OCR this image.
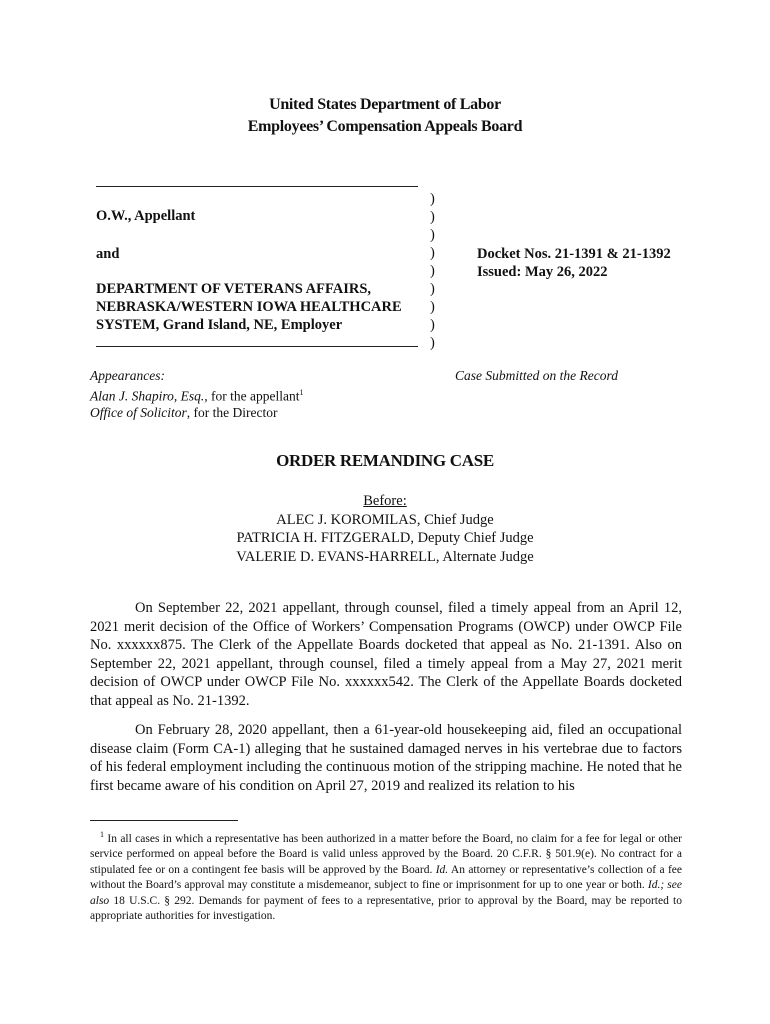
United States Department of Labor
Employees’ Compensation Appeals Board
O.W., Appellant
and
DEPARTMENT OF VETERANS AFFAIRS,
NEBRASKA/WESTERN IOWA HEALTHCARE
SYSTEM, Grand Island, NE, Employer
)
)
)
)
)
)
)
)
)
Docket Nos. 21-1391 & 21-1392
Issued: May 26, 2022
Appearances:
Alan J. Shapiro, Esq., for the appellant$^1$
Office of Solicitor, for the Director
Case Submitted on the Record
ORDER REMANDING CASE
Before:
ALEC J. KOROMILAS, Chief Judge
PATRICIA H. FITZGERALD, Deputy Chief Judge
VALERIE D. EVANS-HARRELL, Alternate Judge
On September 22, 2021 appellant, through counsel, filed a timely appeal from an April 12, 2021 merit decision of the Office of Workers’ Compensation Programs (OWCP) under OWCP File No. xxxxxx875. The Clerk of the Appellate Boards docketed that appeal as No. 21-1391. Also on September 22, 2021 appellant, through counsel, filed a timely appeal from a May 27, 2021 merit decision of OWCP under OWCP File No. xxxxxx542. The Clerk of the Appellate Boards docketed that appeal as No. 21-1392.
On February 28, 2020 appellant, then a 61-year-old housekeeping aid, filed an occupational disease claim (Form CA-1) alleging that he sustained damaged nerves in his vertebrae due to factors of his federal employment including the continuous motion of the stripping machine. He noted that he first became aware of his condition on April 27, 2019 and realized its relation to his
$^1$ In all cases in which a representative has been authorized in a matter before the Board, no claim for a fee for legal or other service performed on appeal before the Board is valid unless approved by the Board. 20 C.F.R. § 501.9(e). No contract for a stipulated fee or on a contingent fee basis will be approved by the Board. Id. An attorney or representative’s collection of a fee without the Board’s approval may constitute a misdemeanor, subject to fine or imprisonment for up to one year or both. Id.; see also 18 U.S.C. § 292. Demands for payment of fees to a representative, prior to approval by the Board, may be reported to appropriate authorities for investigation.
